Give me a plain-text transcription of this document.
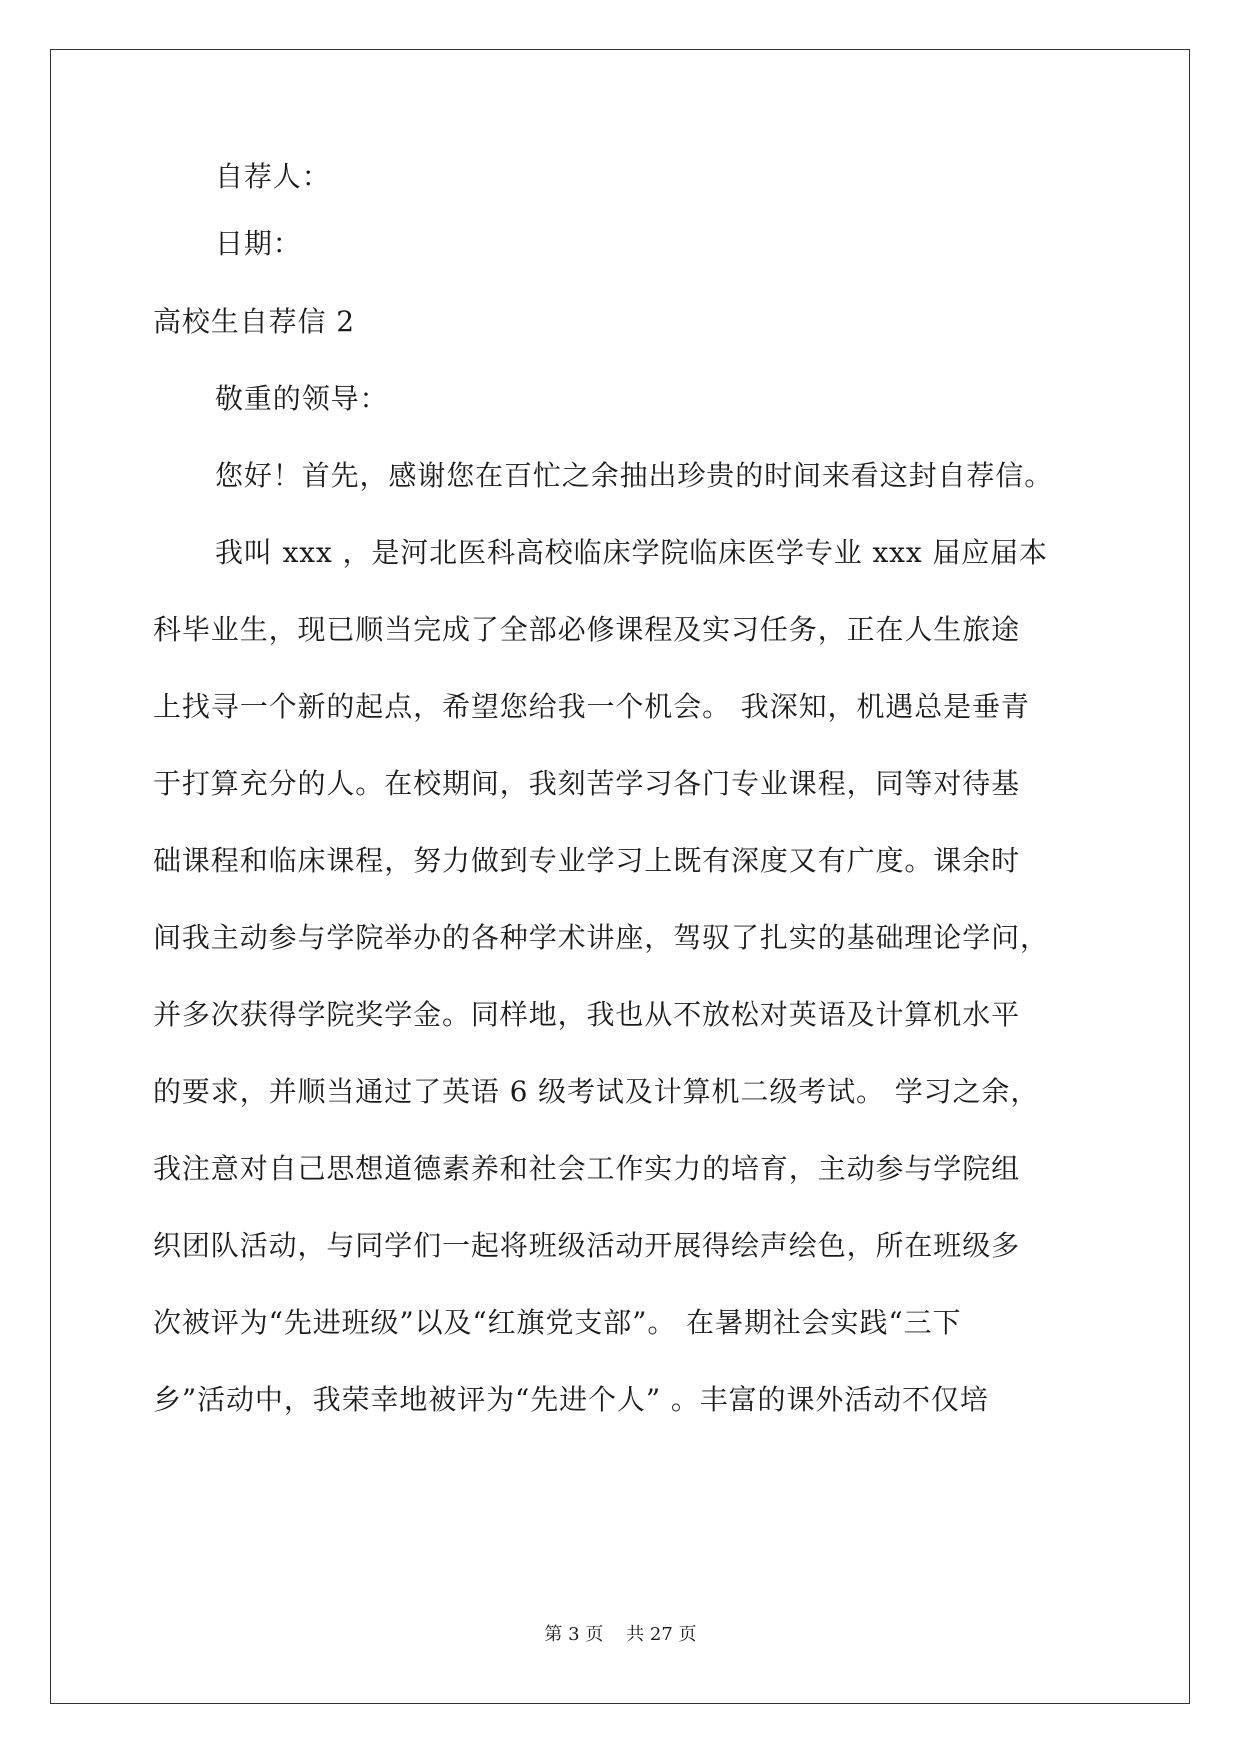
自荐人：
日期：
高校生自荐信 2
敬重的领导：
您好！首先，感谢您在百忙之余抽出珍贵的时间来看这封自荐信。
我叫 xxx ，是河北医科高校临床学院临床医学专业 xxx 届应届本
科毕业生，现已顺当完成了全部必修课程及实习任务，正在人生旅途
上找寻一个新的起点，希望您给我一个机会。 我深知，机遇总是垂青
于打算充分的人。在校期间，我刻苦学习各门专业课程，同等对待基
础课程和临床课程，努力做到专业学习上既有深度又有广度。课余时
间我主动参与学院举办的各种学术讲座，驾驭了扎实的基础理论学问，
并多次获得学院奖学金。同样地，我也从不放松对英语及计算机水平
的要求，并顺当通过了英语 6 级考试及计算机二级考试。 学习之余，
我注意对自己思想道德素养和社会工作实力的培育，主动参与学院组
织团队活动，与同学们一起将班级活动开展得绘声绘色，所在班级多
次被评为“先进班级”以及“红旗党支部”。 在暑期社会实践“三下
乡”活动中，我荣幸地被评为“先进个人” 。丰富的课外活动不仅培
第 3 页    共 27 页
